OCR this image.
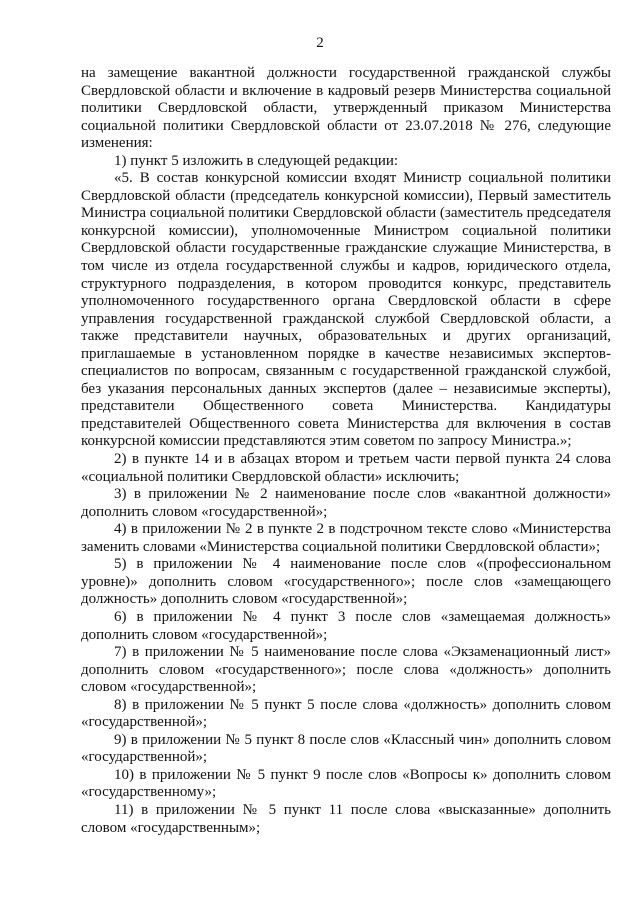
2

на замещение вакантной должности государственной гражданской службы Свердловской области и включение в кадровый резерв Министерства социальной политики Свердловской области, утвержденный приказом Министерства социальной политики Свердловской области от 23.07.2018 № 276, следующие изменения:

1) пункт 5 изложить в следующей редакции:

«5. В состав конкурсной комиссии входят Министр социальной политики Свердловской области (председатель конкурсной комиссии), Первый заместитель Министра социальной политики Свердловской области (заместитель председателя конкурсной комиссии), уполномоченные Министром социальной политики Свердловской области государственные гражданские служащие Министерства, в том числе из отдела государственной службы и кадров, юридического отдела, структурного подразделения, в котором проводится конкурс, представитель уполномоченного государственного органа Свердловской области в сфере управления государственной гражданской службой Свердловской области, а также представители научных, образовательных и других организаций, приглашаемые в установленном порядке в качестве независимых экспертов-специалистов по вопросам, связанным с государственной гражданской службой, без указания персональных данных экспертов (далее – независимые эксперты), представители Общественного совета Министерства. Кандидатуры представителей Общественного совета Министерства для включения в состав конкурсной комиссии представляются этим советом по запросу Министра.»;

2) в пункте 14 и в абзацах втором и третьем части первой пункта 24 слова «социальной политики Свердловской области» исключить;

3) в приложении № 2 наименование после слов «вакантной должности» дополнить словом «государственной»;

4) в приложении № 2 в пункте 2 в подстрочном тексте слово «Министерства заменить словами «Министерства социальной политики Свердловской области»;

5) в приложении № 4 наименование после слов «(профессиональном уровне)» дополнить словом «государственного»; после слов «замещающего должность» дополнить словом «государственной»;

6) в приложении № 4 пункт 3 после слов «замещаемая должность» дополнить словом «государственной»;

7) в приложении № 5 наименование после слова «Экзаменационный лист» дополнить словом «государственного»; после слова «должность» дополнить словом «государственной»;

8) в приложении № 5 пункт 5 после слова «должность» дополнить словом «государственной»;

9) в приложении № 5 пункт 8 после слов «Классный чин» дополнить словом «государственной»;

10) в приложении № 5 пункт 9 после слов «Вопросы к» дополнить словом «государственному»;

11) в приложении № 5 пункт 11 после слова «высказанные» дополнить словом «государственным»;
